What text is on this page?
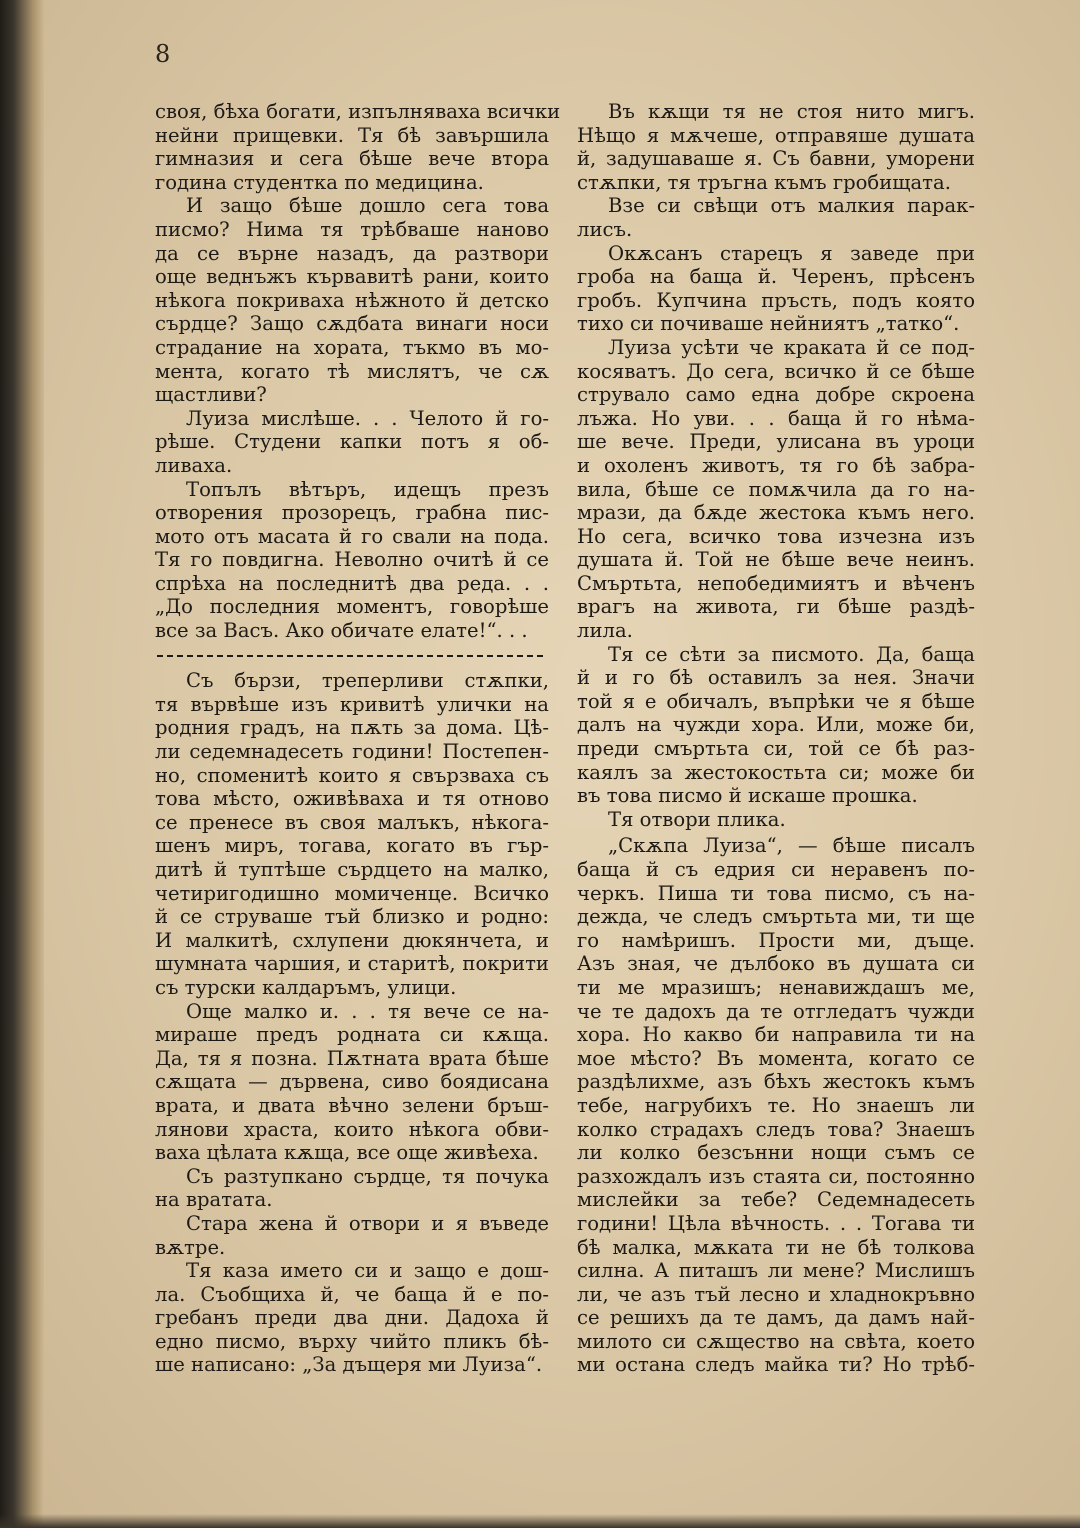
8
своя, бѣха богати, изпълняваха всички
нейни прищевки. Тя бѣ завършила
гимназия и сега бѣше вече втора
година студентка по медицина.
И защо бѣше дошло сега това
писмо? Нима тя трѣбваше наново
да се върне назадъ, да разтвори
още веднъжъ кървавитѣ рани, които
нѣкога покриваха нѣжното й детско
сърдце? Защо сѫдбата винаги носи
страдание на хората, тъкмо въ мо-
мента, когато тѣ мислятъ, че сѫ
щастливи?
Луиза мислѣше. . . Челото й го-
рѣше. Студени капки потъ я об-
ливаха.
Топълъ вѣтъръ, идещъ презъ
отворения прозорецъ, грабна пис-
мото отъ масата й го свали на пода.
Тя го повдигна. Неволно очитѣ й се
спрѣха на последнитѣ два реда. . .
„До последния моментъ, говорѣше
все за Васъ. Ако обичате елате!“. . .
Съ бързи, треперливи стѫпки,
тя вървѣше изъ кривитѣ улички на
родния градъ, на пѫть за дома. Цѣ-
ли седемнадесеть години! Постепен-
но, споменитѣ които я свързваха съ
това мѣсто, оживѣваха и тя отново
се пренесе въ своя малъкъ, нѣкога-
шенъ миръ, тогава, когато въ гър-
дитѣ й туптѣше сърдцето на малко,
четиригодишно момиченце. Всичко
й се струваше тъй близко и родно:
И малкитѣ, схлупени дюкянчета, и
шумната чаршия, и старитѣ, покрити
съ турски калдаръмъ, улици.
Още малко и. . . тя вече се на-
мираше предъ родната си кѫща.
Да, тя я позна. Пѫтната врата бѣше
сѫщата — дървена, сиво боядисана
врата, и двата вѣчно зелени бръш-
лянови храста, които нѣкога обви-
ваха цѣлата кѫща, все още живѣеха.
Съ разтупкано сърдце, тя почука
на вратата.
Стара жена й отвори и я въведе
вѫтре.
Тя каза името си и защо е дош-
ла. Съобщиха й, че баща й е по-
гребанъ преди два дни. Дадоха й
едно писмо, върху чийто пликъ бѣ-
ше написано: „За дъщеря ми Луиза“.
Въ кѫщи тя не стоя нито мигъ.
Нѣщо я мѫчеше, отправяше душата
й, задушаваше я. Съ бавни, уморени
стѫпки, тя тръгна къмъ гробищата.
Взе си свѣщи отъ малкия парак-
лисъ.
Окѫсанъ старецъ я заведе при
гроба на баща й. Черенъ, прѣсенъ
гробъ. Купчина пръсть, подъ която
тихо си почиваше нейниятъ „татко“.
Луиза усѣти че краката й се под-
косяватъ. До сега, всичко й се бѣше
струвало само една добре скроена
лъжа. Но уви. . . баща й го нѣма-
ше вече. Преди, улисана въ уроци
и охоленъ животъ, тя го бѣ забра-
вила, бѣше се помѫчила да го на-
мрази, да бѫде жестока къмъ него.
Но сега, всичко това изчезна изъ
душата й. Той не бѣше вече неинъ.
Смъртьта, непобедимиятъ и вѣченъ
врагъ на живота, ги бѣше раздѣ-
лила.
Тя се сѣти за писмото. Да, баща
й и го бѣ оставилъ за нея. Значи
той я е обичалъ, въпрѣки че я бѣше
далъ на чужди хора. Или, може би,
преди смъртьта си, той се бѣ раз-
каялъ за жестокостьта си; може би
въ това писмо й искаше прошка.
Тя отвори плика.
„Скѫпа Луиза“, — бѣше писалъ
баща й съ едрия си неравенъ по-
черкъ. Пиша ти това писмо, съ на-
дежда, че следъ смъртьта ми, ти ще
го намѣришъ. Прости ми, дъще.
Азъ зная, че дълбоко въ душата си
ти ме мразишъ; ненавиждашъ ме,
че те дадохъ да те отгледатъ чужди
хора. Но какво би направила ти на
мое мѣсто? Въ момента, когато се
раздѣлихме, азъ бѣхъ жестокъ къмъ
тебе, нагрубихъ те. Но знаешъ ли
колко страдахъ следъ това? Знаешъ
ли колко безсънни нощи съмъ се
разхождалъ изъ стаята си, постоянно
мислейки за тебе? Седемнадесеть
години! Цѣла вѣчность. . . Тогава ти
бѣ малка, мѫката ти не бѣ толкова
силна. А питашъ ли мене? Мислишъ
ли, че азъ тъй лесно и хладнокръвно
се решихъ да те дамъ, да дамъ най-
милото си сѫщество на свѣта, което
ми остана следъ майка ти? Но трѣб-
